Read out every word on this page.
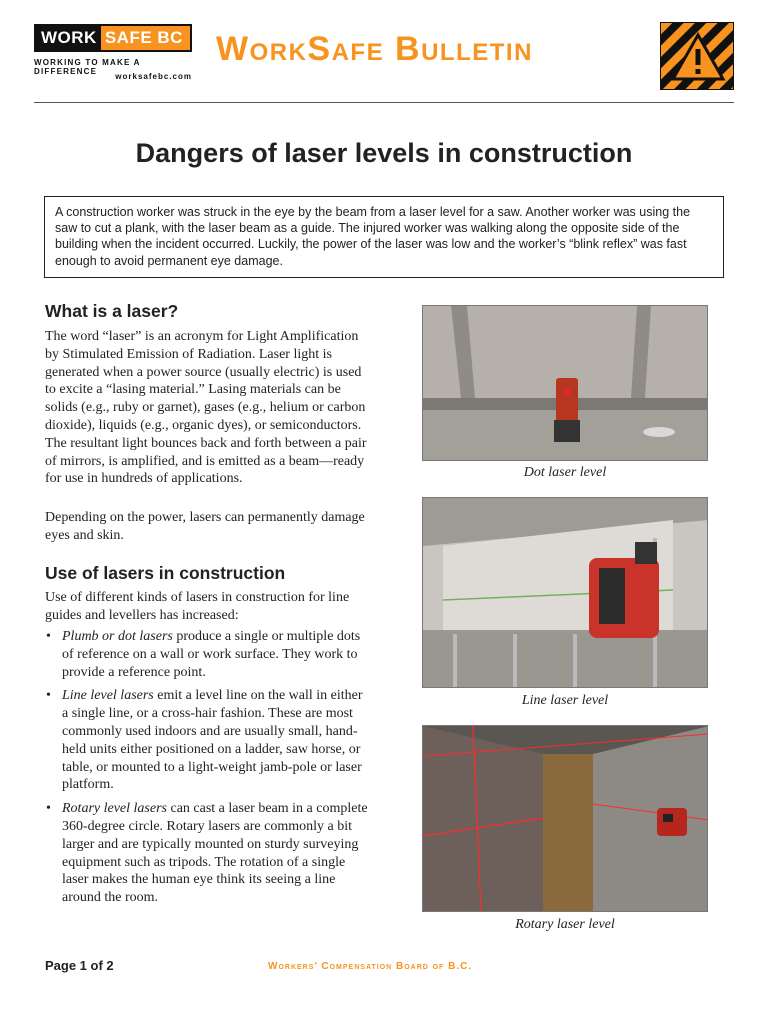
WORK SAFE BC
WORKING TO MAKE A DIFFERENCE
worksafebc.com
WorkSafe Bulletin
Dangers of laser levels in construction
A construction worker was struck in the eye by the beam from a laser level for a saw. Another worker was using the saw to cut a plank, with the laser beam as a guide. The injured worker was walking along the opposite side of the building when the incident occurred. Luckily, the power of the laser was low and the worker’s “blink reflex” was fast enough to avoid permanent eye damage.
What is a laser?

The word “laser” is an acronym for Light Amplification by Stimulated Emission of Radiation. Laser light is generated when a power source (usually electric) is used to excite a “lasing material.” Lasing materials can be solids (e.g., ruby or garnet), gases (e.g., helium or carbon dioxide), liquids (e.g., organic dyes), or semiconductors. The resultant light bounces back and forth between a pair of mirrors, is amplified, and is emitted as a beam—ready for use in hundreds of applications.

Depending on the power, lasers can permanently damage eyes and skin.

Use of lasers in construction

Use of different kinds of lasers in construction for line guides and levellers has increased:

• Plumb or dot lasers produce a single or multiple dots of reference on a wall or work surface. They work to provide a reference point.
• Line level lasers emit a level line on the wall in either a single line, or a cross-hair fashion. These are most commonly used indoors and are usually small, hand-held units either positioned on a ladder, saw horse, or table, or mounted to a light-weight jamb-pole or laser platform.
• Rotary level lasers can cast a laser beam in a complete 360-degree circle. Rotary lasers are commonly a bit larger and are typically mounted on sturdy surveying equipment such as tripods. The rotation of a single laser makes the human eye think its seeing a line around the room.
Dot laser level
Line laser level
Rotary laser level
Page 1 of 2	Workers’ Compensation Board of B.C.
